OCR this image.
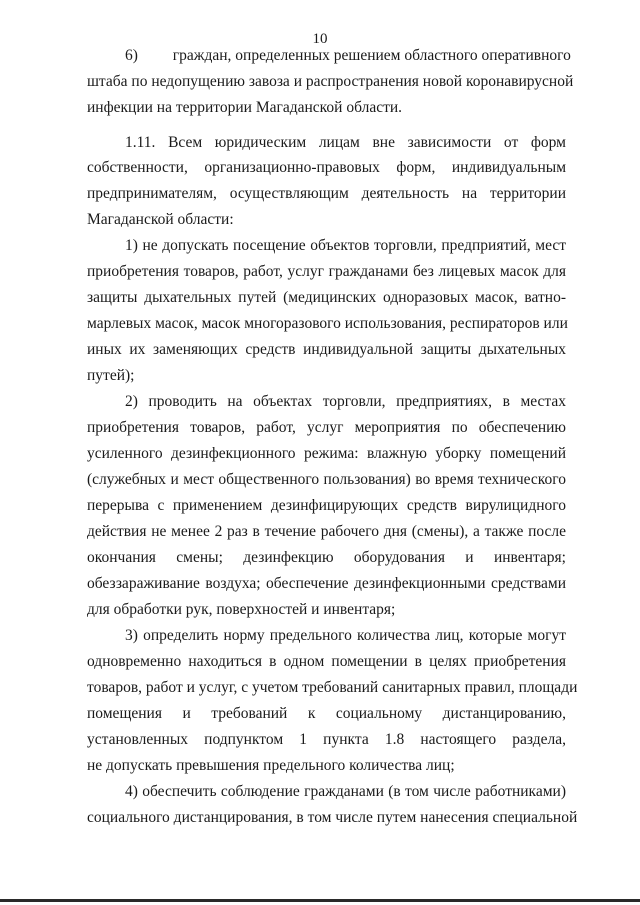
10
6)         граждан, определенных решением областного оперативного
штаба по недопущению завоза и распространения новой коронавирусной
инфекции на территории Магаданской области.
1.11. Всем юридическим лицам вне зависимости от форм
собственности, организационно-правовых форм, индивидуальным
предпринимателям, осуществляющим деятельность на территории
Магаданской области:
1) не допускать посещение объектов торговли, предприятий, мест
приобретения товаров, работ, услуг гражданами без лицевых масок для
защиты дыхательных путей (медицинских одноразовых масок, ватно-
марлевых масок, масок многоразового использования, респираторов или
иных их заменяющих средств индивидуальной защиты дыхательных
путей);
2) проводить на объектах торговли, предприятиях, в местах
приобретения товаров, работ, услуг мероприятия по обеспечению
усиленного дезинфекционного режима: влажную уборку помещений
(служебных и мест общественного пользования) во время технического
перерыва с применением дезинфицирующих средств вирулицидного
действия не менее 2 раз в течение рабочего дня (смены), а также после
окончания смены; дезинфекцию оборудования и инвентаря;
обеззараживание воздуха; обеспечение дезинфекционными средствами
для обработки рук, поверхностей и инвентаря;
3) определить норму предельного количества лиц, которые могут
одновременно находиться в одном помещении в целях приобретения
товаров, работ и услуг, с учетом требований санитарных правил, площади
помещения и требований к социальному дистанцированию,
установленных подпунктом 1 пункта 1.8 настоящего раздела,
не допускать превышения предельного количества лиц;
4) обеспечить соблюдение гражданами (в том числе работниками)
социального дистанцирования, в том числе путем нанесения специальной
